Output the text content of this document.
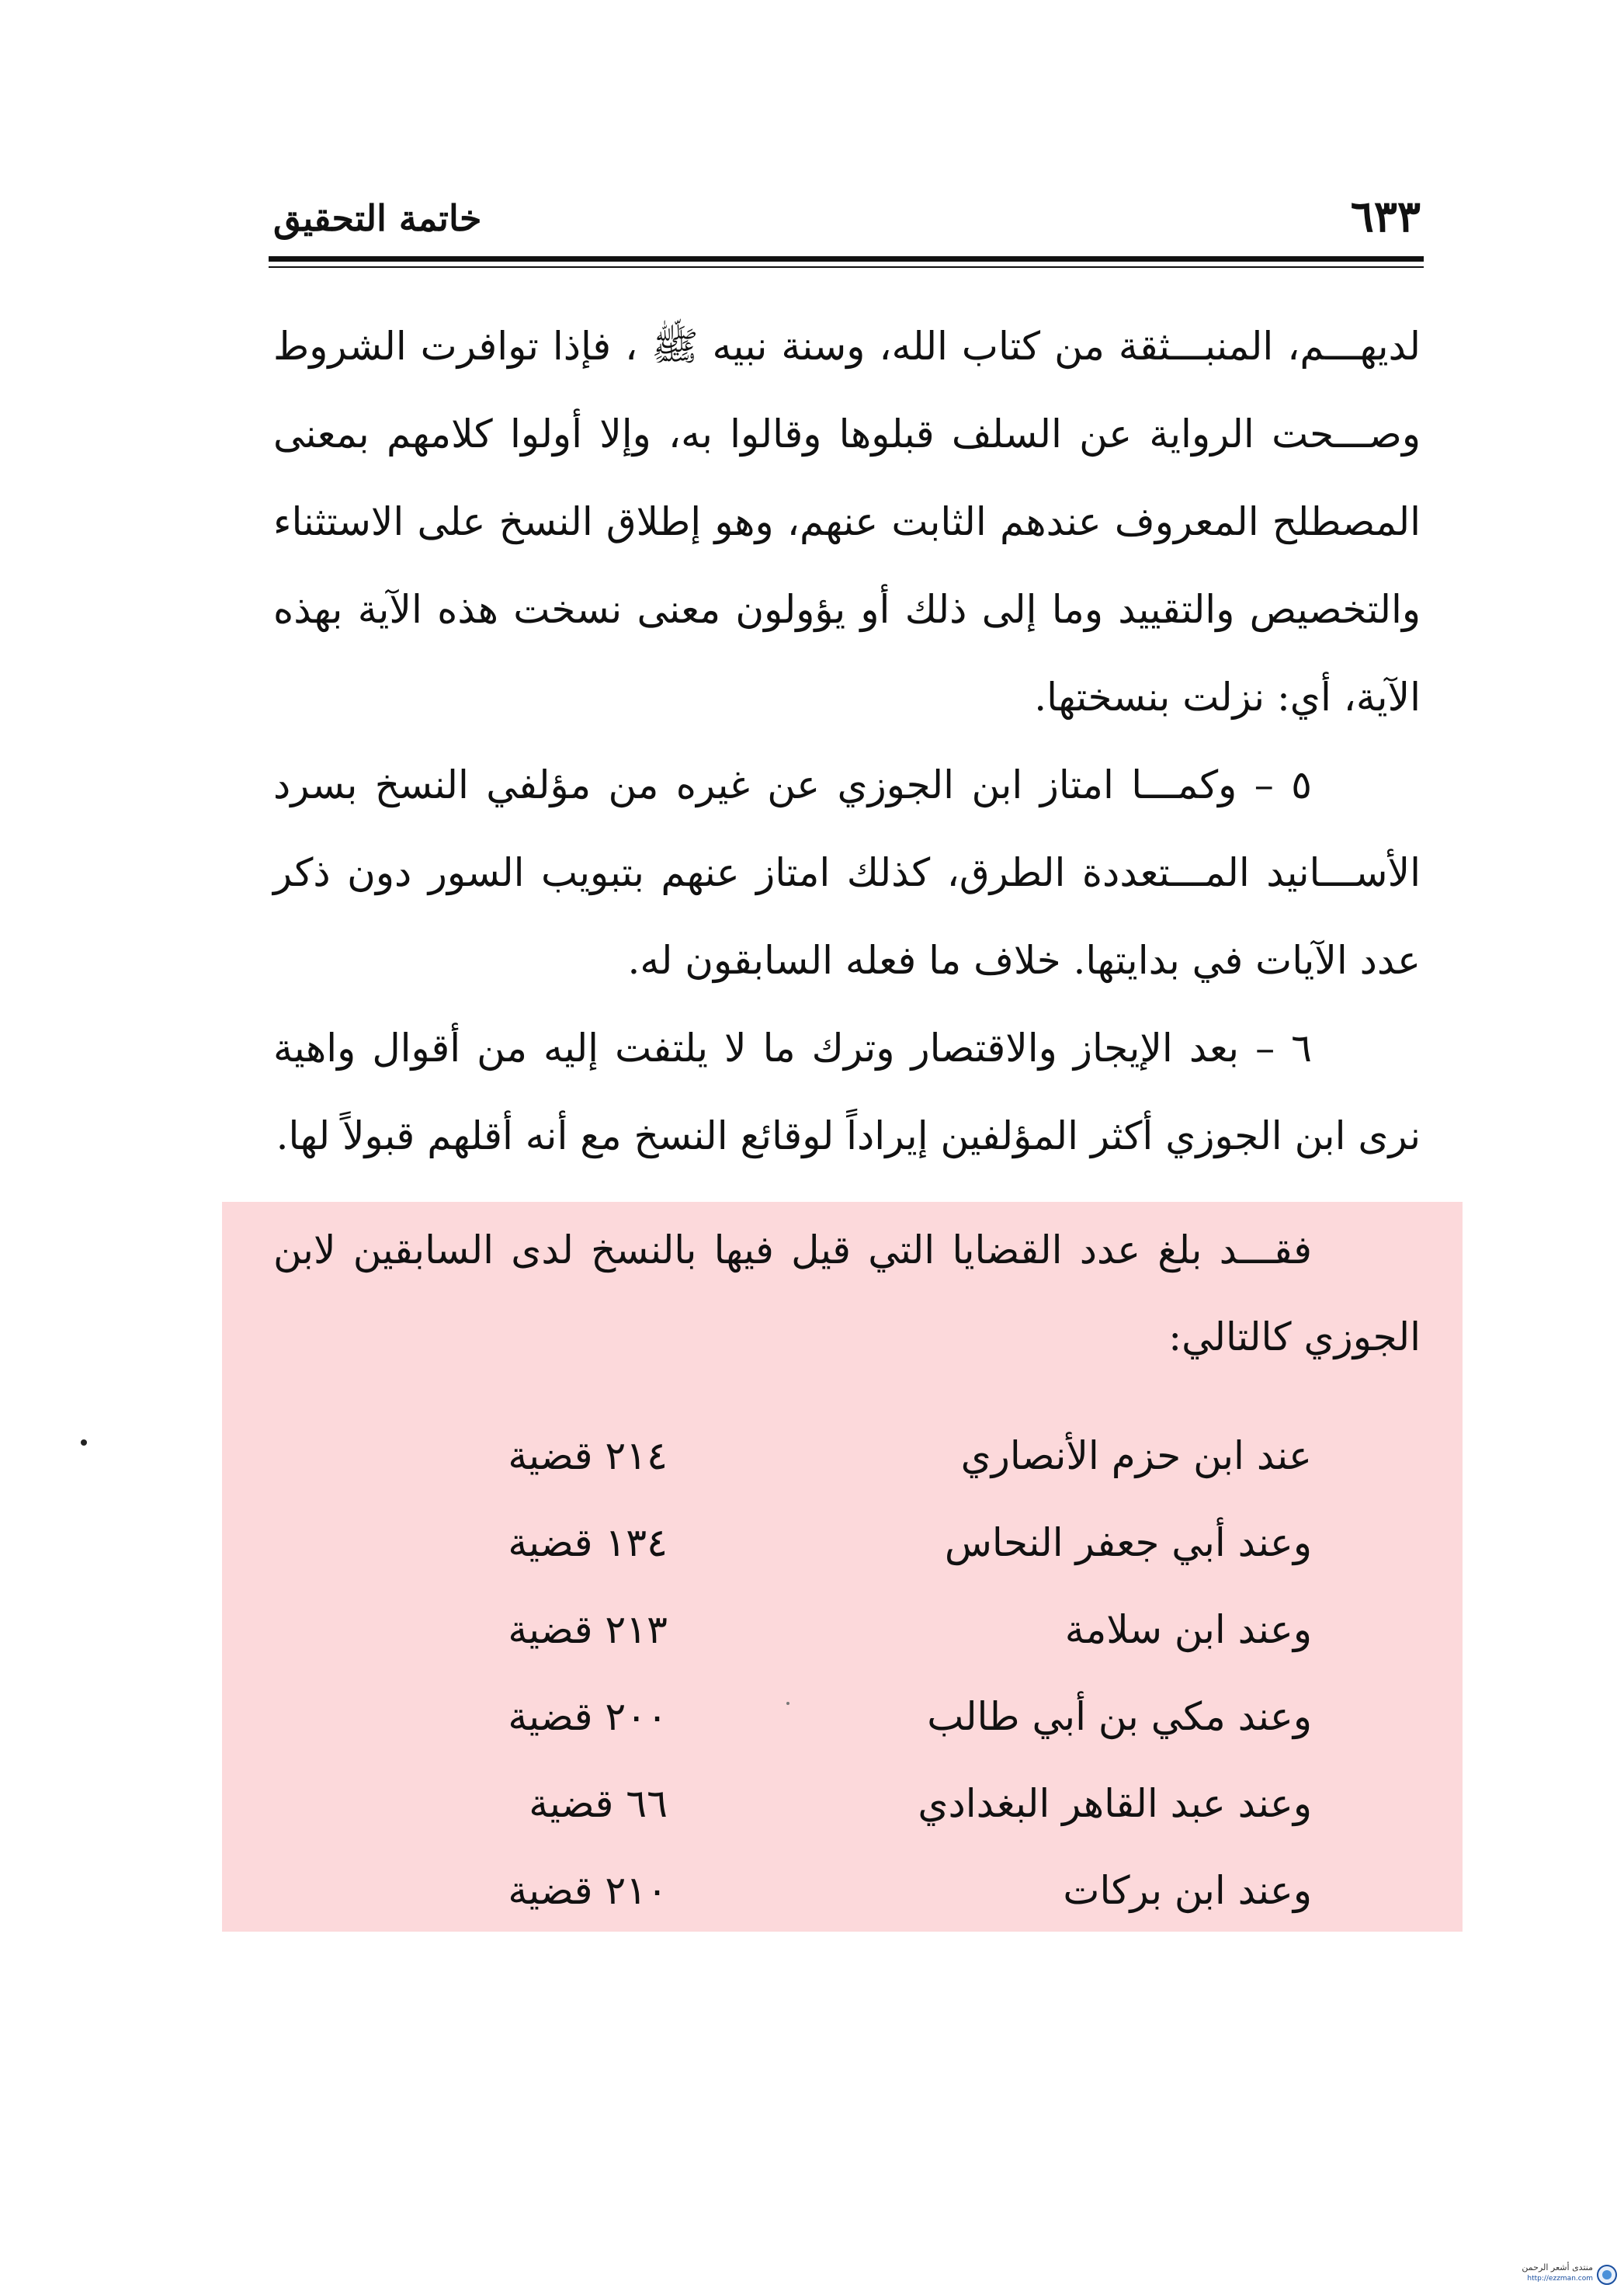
٦٣٣
خاتمة التحقيق

لديهـــم، المنبـــثقة من كتاب الله، وسنة نبيه ﷺ ، فإذا توافرت الشروط وصـــحت الرواية عن السلف قبلوها وقالوا به، وإلا أولوا كلامهم بمعنى المصطلح المعروف عندهم الثابت عنهم، وهو إطلاق النسخ على الاستثناء والتخصيص والتقييد وما إلى ذلك أو يؤولون معنى نسخت هذه الآية بهذه الآية، أي: نزلت بنسختها.

٥ – وكمـــا امتاز ابن الجوزي عن غيره من مؤلفي النسخ بسرد الأســـانيد المـــتعددة الطرق، كذلك امتاز عنهم بتبويب السور دون ذكر عدد الآيات في بدايتها. خلاف ما فعله السابقون له.

٦ – بعد الإيجاز والاقتصار وترك ما لا يلتفت إليه من أقوال واهية نرى ابن الجوزي أكثر المؤلفين إيراداً لوقائع النسخ مع أنه أقلهم قبولاً لها.

فقـــد بلغ عدد القضايا التي قيل فيها بالنسخ لدى السابقين لابن الجوزي كالتالي:

عند ابن حزم الأنصاري
٢١٤ قضية
وعند أبي جعفر النحاس
١٣٤ قضية
وعند ابن سلامة
٢١٣ قضية
وعند مكي بن أبي طالب
٢٠٠ قضية
وعند عبد القاهر البغدادي
٦٦ قضية
وعند ابن بركات
٢١٠ قضية
منتدى أشعر الرحمن
http://ezzman.com
